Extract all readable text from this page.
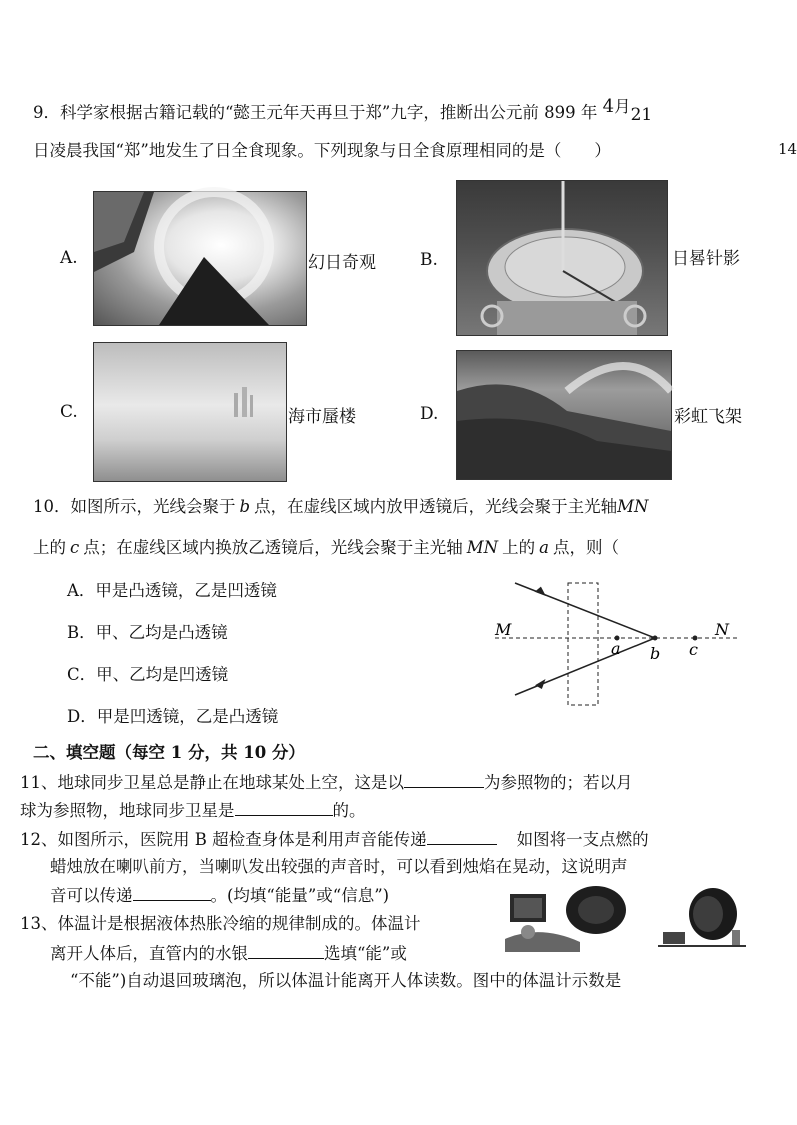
14
9．科学家根据古籍记载的“懿王元年天再旦于郑”九字，推断出公元前 899 年 4月21
日凌晨我国“郑”地发生了日全食现象。下列现象与日全食原理相同的是（　　）
A.	幻日奇观	B.	日晷针影
C.	海市蜃楼	D.	彩虹飞架
10．如图所示，光线会聚于 b 点，在虚线区域内放甲透镜后，光线会聚于主光轴MN
上的 c 点；在虚线区域内换放乙透镜后，光线会聚于主光轴 MN 上的 a 点，则（
A．甲是凸透镜，乙是凹透镜
B．甲、乙均是凸透镜
C．甲、乙均是凹透镜
D．甲是凹透镜，乙是凸透镜
M	N
a b c
二、填空题（每空 1 分，共 10 分）
11、地球同步卫星总是静止在地球某处上空，这是以	为参照物的；若以月
球为参照物，地球同步卫星是	的。
12、如图所示，医院用 B 超检查身体是利用声音能传递	如图将一支点燃的
蜡烛放在喇叭前方，当喇叭发出较强的声音时，可以看到烛焰在晃动，这说明声
音可以传递	。(均填“能量”或“信息”)
13、体温计是根据液体热胀冷缩的规律制成的。体温计
离开人体后，直管内的水银	选填“能”或
“不能”)自动退回玻璃泡，所以体温计能离开人体读数。图中的体温计示数是
